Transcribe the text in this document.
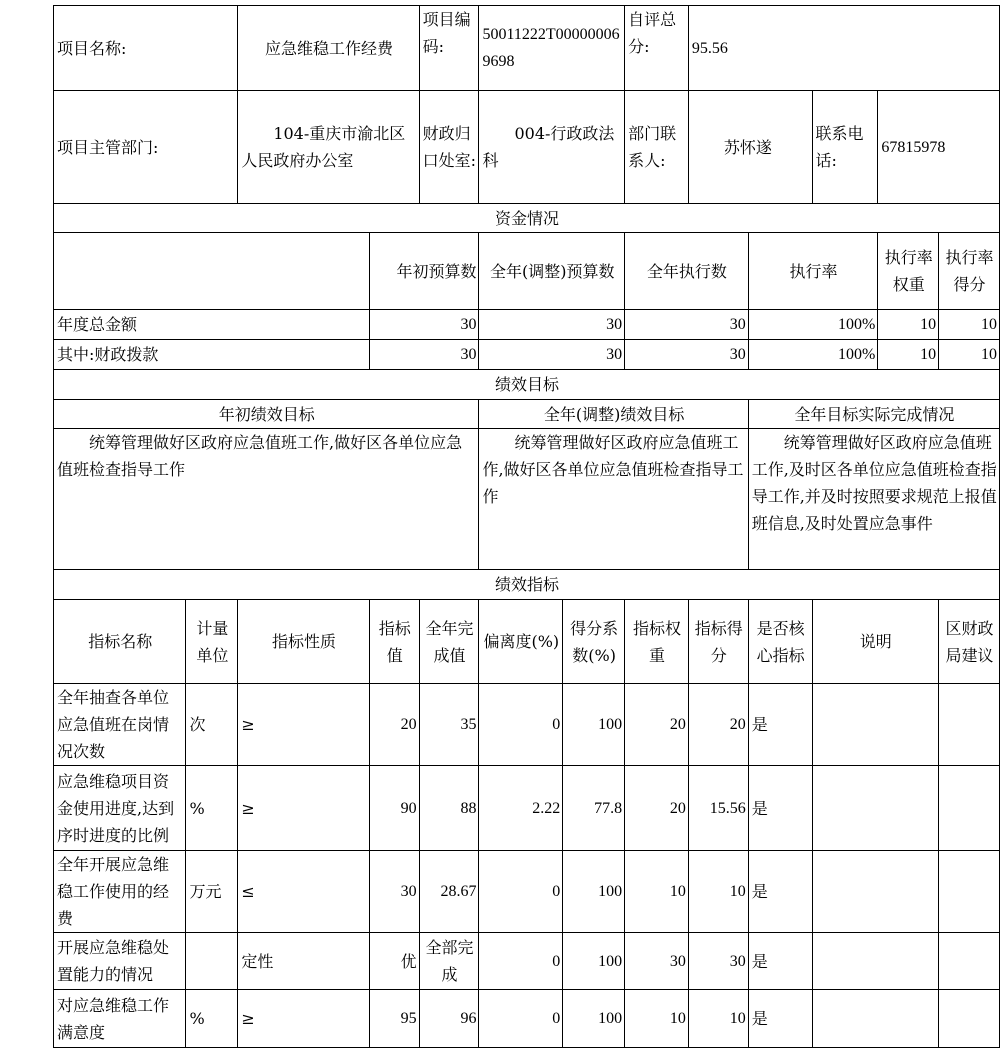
项目名称:		应急维稳工作经费		项目编码:	50011222T000000069698		自评总分:	95.56				
项目主管部门:		104-重庆市渝北区人民政府办公室		财政归口处室:	004-行政政法科		部门联系人:	苏怀遂		联系电话:	67815978	
资金情况												
			年初预算数		全年(调整)预算数		全年执行数		执行率		执行率权重	执行率得分
年度总金额			30		30		30		100%		10	10
其中:财政拨款			30		30		30		100%		10	10
绩效目标												
年初绩效目标					全年(调整)绩效目标				全年目标实际完成情况			
统筹管理做好区政府应急值班工作,做好区各单位应急值班检查指导工作					统筹管理做好区政府应急值班工作,做好区各单位应急值班检查指导工作				统筹管理做好区政府应急值班工作,及时区各单位应急值班检查指导工作,并及时按照要求规范上报值班信息,及时处置应急事件			
绩效指标												
指标名称	计量单位	指标性质	指标值	全年完成值	偏离度(%)	得分系数(%)	指标权重	指标得分	是否核心指标	说明		区财政局建议
全年抽查各单位应急值班在岗情况次数	次	≥	20	35	0	100	20	20	是			
应急维稳项目资金使用进度,达到序时进度的比例	%	≥	90	88	2.22	77.8	20	15.56	是			
全年开展应急维稳工作使用的经费	万元	≤	30	28.67	0	100	10	10	是			
开展应急维稳处置能力的情况		定性	优	全部完成	0	100	30	30	是			
对应急维稳工作满意度	%	≥	95	96	0	100	10	10	是			
